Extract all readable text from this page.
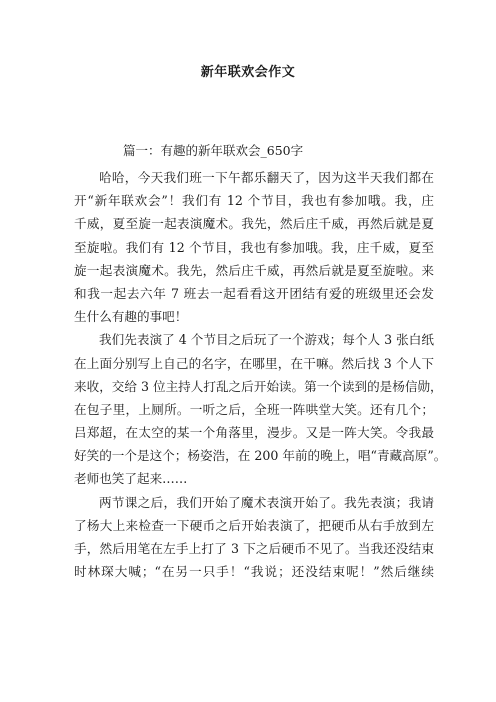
新年联欢会作文
篇一：有趣的新年联欢会_650字
哈哈，今天我们班一下午都乐翻天了，因为这半天我们都在
开“新年联欢会”！我们有 12 个节目，我也有参加哦。我，庄
千威，夏至旋一起表演魔术。我先，然后庄千威，再然后就是夏
至旋啦。我们有 12 个节目，我也有参加哦。我，庄千威，夏至
旋一起表演魔术。我先，然后庄千威，再然后就是夏至旋啦。来
和我一起去六年 7 班去一起看看这开团结有爱的班级里还会发
生什么有趣的事吧！
我们先表演了 4 个节目之后玩了一个游戏；每个人 3 张白纸
在上面分别写上自己的名字，在哪里，在干嘛。然后找 3 个人下
来收，交给 3 位主持人打乱之后开始读。第一个读到的是杨信勋，
在包子里，上厕所。一听之后，全班一阵哄堂大笑。还有几个；
吕郑超，在太空的某一个角落里，漫步。又是一阵大笑。令我最
好笑的一个是这个；杨姿浩，在 200 年前的晚上，唱“青藏高原”。
老师也笑了起来……
两节课之后，我们开始了魔术表演开始了。我先表演；我请
了杨大上来检查一下硬币之后开始表演了，把硬币从右手放到左
手，然后用笔在左手上打了 3 下之后硬币不见了。当我还没结束
时林琛大喊；“在另一只手！“我说；还没结束呢！”然后继续
